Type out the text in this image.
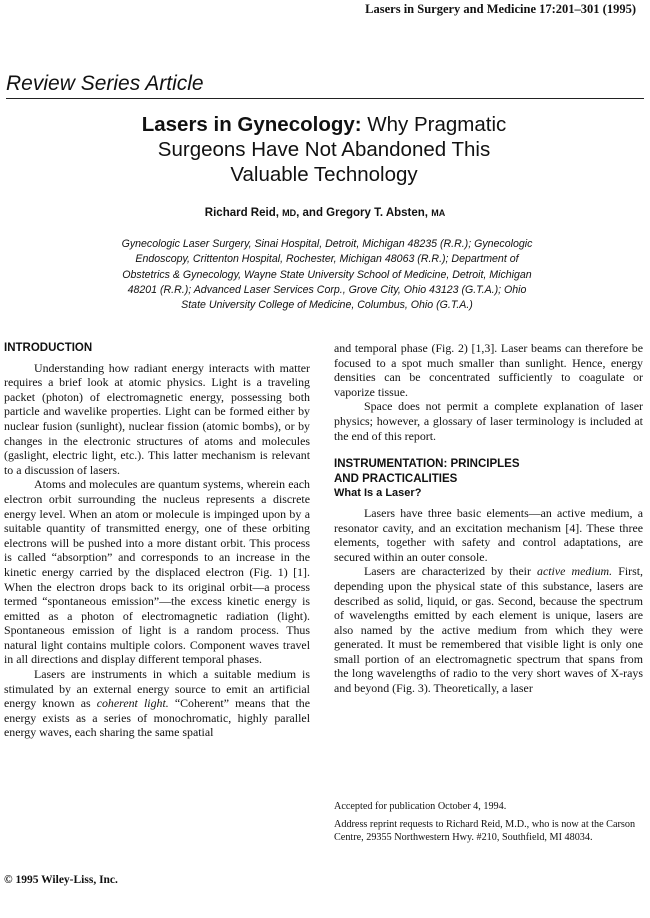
Lasers in Surgery and Medicine 17:201–301 (1995)
Review Series Article
Lasers in Gynecology: Why Pragmatic
Surgeons Have Not Abandoned This
Valuable Technology
Richard Reid, MD, and Gregory T. Absten, MA
Gynecologic Laser Surgery, Sinai Hospital, Detroit, Michigan 48235 (R.R.); Gynecologic
Endoscopy, Crittenton Hospital, Rochester, Michigan 48063 (R.R.); Department of
Obstetrics & Gynecology, Wayne State University School of Medicine, Detroit, Michigan
48201 (R.R.); Advanced Laser Services Corp., Grove City, Ohio 43123 (G.T.A.); Ohio
State University College of Medicine, Columbus, Ohio (G.T.A.)
INTRODUCTION

Understanding how radiant energy interacts with matter requires a brief look at atomic physics. Light is a traveling packet (photon) of electromagnetic energy, possessing both particle and wavelike properties. Light can be formed either by nuclear fusion (sunlight), nuclear fission (atomic bombs), or by changes in the electronic structures of atoms and molecules (gaslight, electric light, etc.). This latter mechanism is relevant to a discussion of lasers.

Atoms and molecules are quantum systems, wherein each electron orbit surrounding the nucleus represents a discrete energy level. When an atom or molecule is impinged upon by a suitable quantity of transmitted energy, one of these orbiting electrons will be pushed into a more distant orbit. This process is called “absorption” and corresponds to an increase in the kinetic energy carried by the displaced electron (Fig. 1) [1]. When the electron drops back to its original orbit—a process termed “spontaneous emission”—the excess kinetic energy is emitted as a photon of electromagnetic radiation (light). Spontaneous emission of light is a random process. Thus natural light contains multiple colors. Component waves travel in all directions and display different temporal phases.

Lasers are instruments in which a suitable medium is stimulated by an external energy source to emit an artificial energy known as coherent light. “Coherent” means that the energy exists as a series of monochromatic, highly parallel energy waves, each sharing the same spatial

and temporal phase (Fig. 2) [1,3]. Laser beams can therefore be focused to a spot much smaller than sunlight. Hence, energy densities can be concentrated sufficiently to coagulate or vaporize tissue.

Space does not permit a complete explanation of laser physics; however, a glossary of laser terminology is included at the end of this report.

INSTRUMENTATION: PRINCIPLES
AND PRACTICALITIES
What Is a Laser?

Lasers have three basic elements—an active medium, a resonator cavity, and an excitation mechanism [4]. These three elements, together with safety and control adaptations, are secured within an outer console.

Lasers are characterized by their active medium. First, depending upon the physical state of this substance, lasers are described as solid, liquid, or gas. Second, because the spectrum of wavelengths emitted by each element is unique, lasers are also named by the active medium from which they were generated. It must be remembered that visible light is only one small portion of an electromagnetic spectrum that spans from the long wavelengths of radio to the very short waves of X-rays and beyond (Fig. 3). Theoretically, a laser

Accepted for publication October 4, 1994.

Address reprint requests to Richard Reid, M.D., who is now at the Carson Centre, 29355 Northwestern Hwy. #210, Southfield, MI 48034.

© 1995 Wiley-Liss, Inc.
